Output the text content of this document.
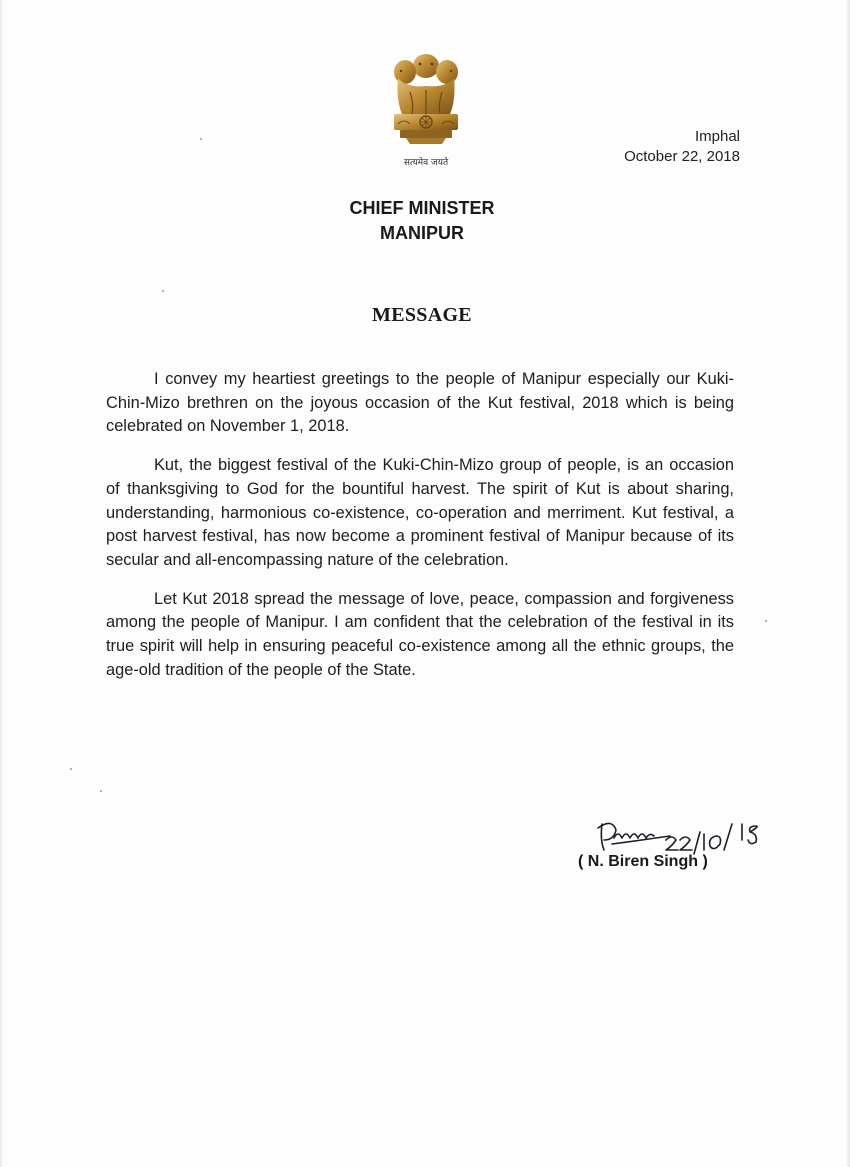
सत्यमेव जयते
Imphal
October 22, 2018
CHIEF MINISTER
MANIPUR
MESSAGE

I convey my heartiest greetings to the people of Manipur especially our Kuki-Chin-Mizo brethren on the joyous occasion of the Kut festival, 2018 which is being celebrated on November 1, 2018.

Kut, the biggest festival of the Kuki-Chin-Mizo group of people, is an occasion of thanksgiving to God for the bountiful harvest. The spirit of Kut is about sharing, understanding, harmonious co-existence, co-operation and merriment. Kut festival, a post harvest festival, has now become a prominent festival of Manipur because of its secular and all-encompassing nature of the celebration.

Let Kut 2018 spread the message of love, peace, compassion and forgiveness among the people of Manipur. I am confident that the celebration of the festival in its true spirit will help in ensuring peaceful co-existence among all the ethnic groups, the age-old tradition of the people of the State.

( N. Biren Singh )
